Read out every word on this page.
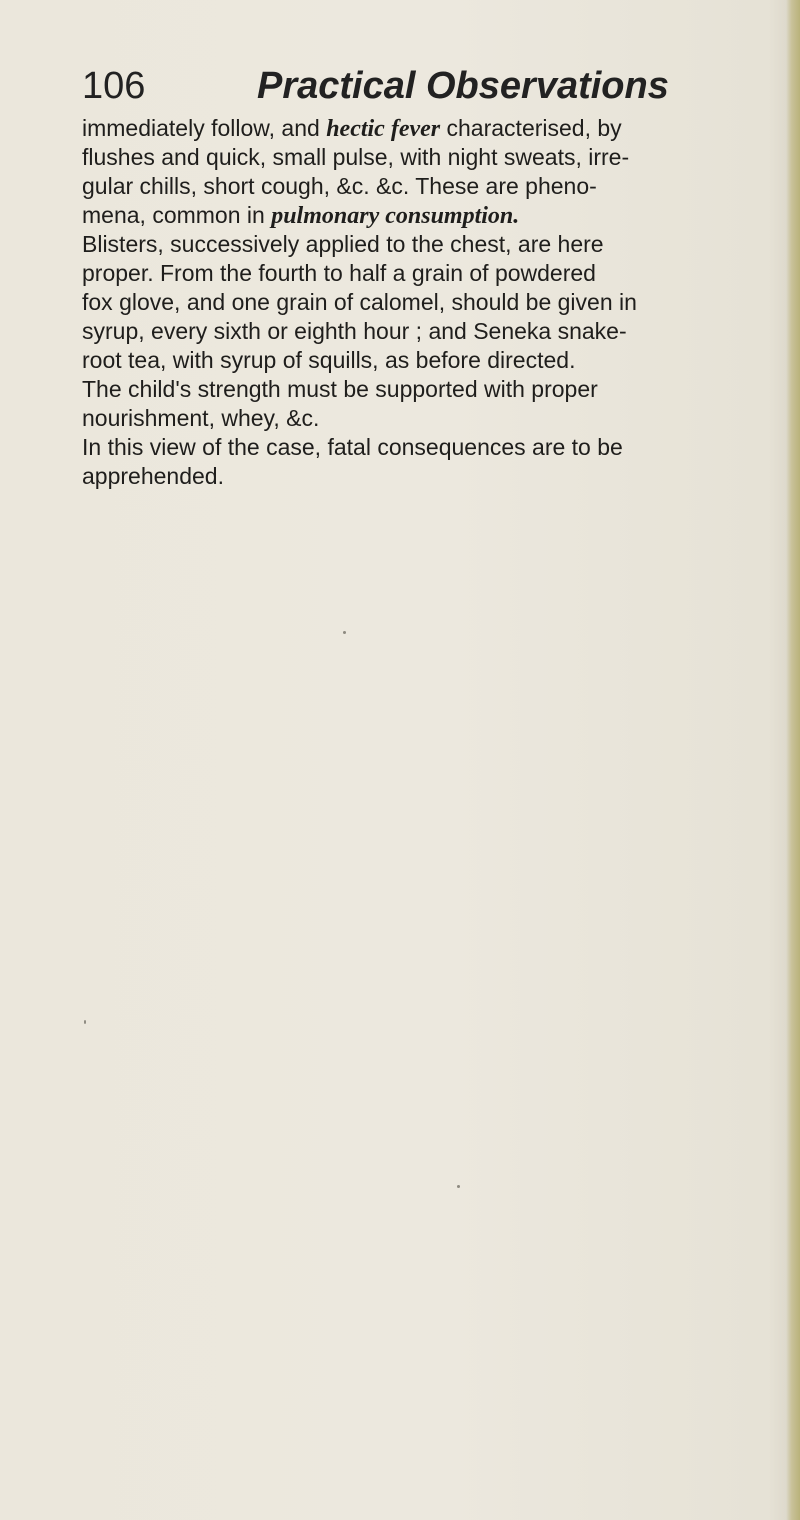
106	Practical Observations
immediately follow, and hectic fever characterised, by
flushes and quick, small pulse, with night sweats, irre-
gular chills, short cough, &c. &c. These are pheno-
mena, common in pulmonary consumption.
Blisters, successively applied to the chest, are here
proper. From the fourth to half a grain of powdered
fox glove, and one grain of calomel, should be given in
syrup, every sixth or eighth hour ; and Seneka snake-
root tea, with syrup of squills, as before directed.
The child's strength must be supported with proper
nourishment, whey, &c.
In this view of the case, fatal consequences are to be
apprehended.
